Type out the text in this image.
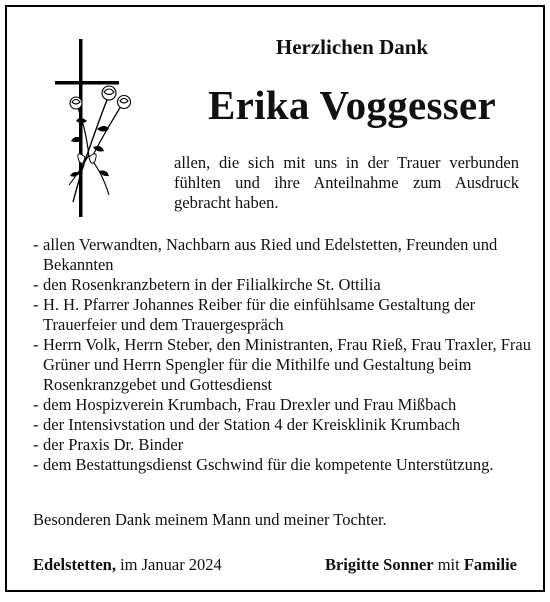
Herzlichen Dank
Erika Voggesser
allen, die sich mit uns in der Trauer verbunden fühlten und ihre Anteilnahme zum Ausdruck gebracht haben.
- allen Verwandten, Nachbarn aus Ried und Edelstetten, Freunden und Bekannten
- den Rosenkranzbetern in der Filialkirche St. Ottilia
- H. H. Pfarrer Johannes Reiber für die einfühlsame Gestaltung der Trauerfeier und dem Trauergespräch
- Herrn Volk, Herrn Steber, den Ministranten, Frau Rieß, Frau Traxler, Frau Grüner und Herrn Spengler für die Mithilfe und Gestaltung beim Rosenkranzgebet und Gottesdienst
- dem Hospizverein Krumbach, Frau Drexler und Frau Mißbach
- der Intensivstation und der Station 4 der Kreisklinik Krumbach
- der Praxis Dr. Binder
- dem Bestattungsdienst Gschwind für die kompetente Unterstützung.
Besonderen Dank meinem Mann und meiner Tochter.
Edelstetten, im Januar 2024	Brigitte Sonner mit Familie
